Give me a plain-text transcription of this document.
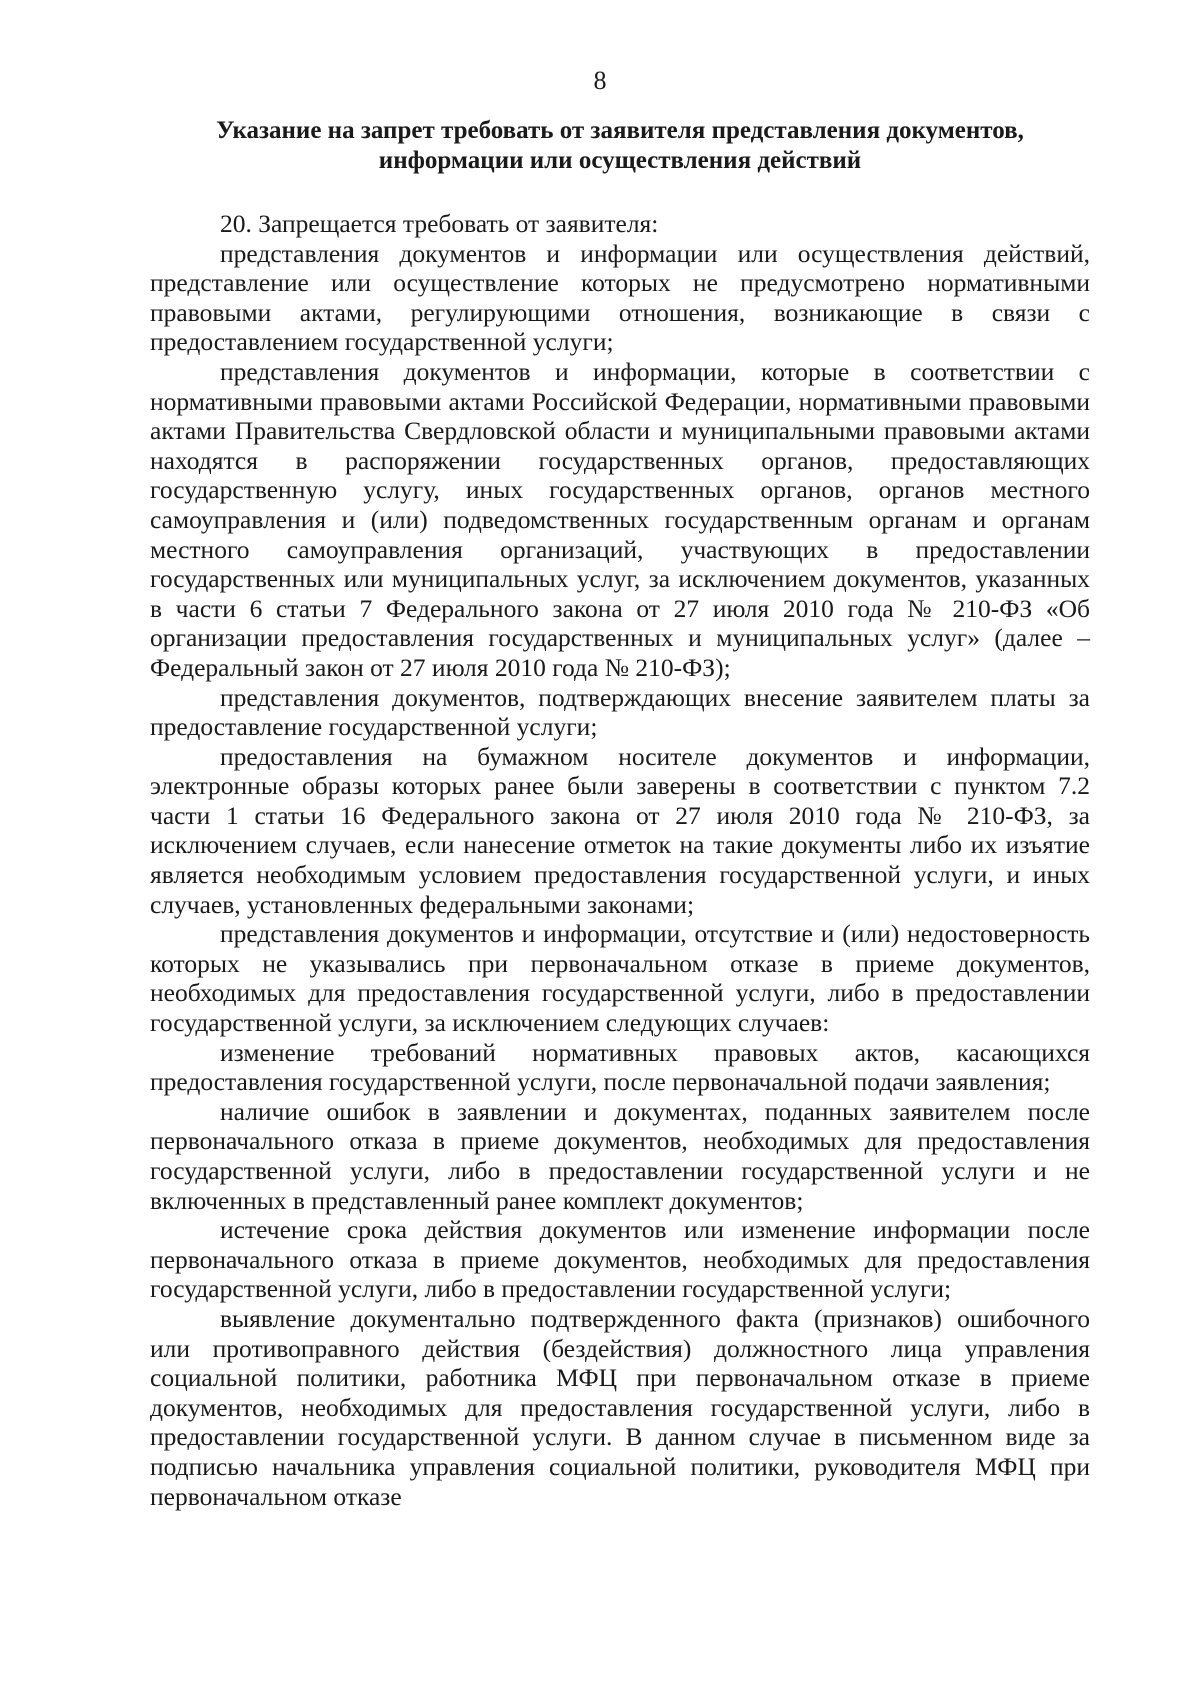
8
Указание на запрет требовать от заявителя представления документов,
информации или осуществления действий

20. Запрещается требовать от заявителя:

представления документов и информации или осуществления действий, представление или осуществление которых не предусмотрено нормативными правовыми актами, регулирующими отношения, возникающие в связи с предоставлением государственной услуги;

представления документов и информации, которые в соответствии с нормативными правовыми актами Российской Федерации, нормативными правовыми актами Правительства Свердловской области и муниципальными правовыми актами находятся в распоряжении государственных органов, предоставляющих государственную услугу, иных государственных органов, органов местного самоуправления и (или) подведомственных государственным органам и органам местного самоуправления организаций, участвующих в предоставлении государственных или муниципальных услуг, за исключением документов, указанных в части 6 статьи 7 Федерального закона от 27 июля 2010 года № 210-ФЗ «Об организации предоставления государственных и муниципальных услуг» (далее – Федеральный закон от 27 июля 2010 года № 210-ФЗ);

представления документов, подтверждающих внесение заявителем платы за предоставление государственной услуги;

предоставления на бумажном носителе документов и информации, электронные образы которых ранее были заверены в соответствии с пунктом 7.2 части 1 статьи 16 Федерального закона от 27 июля 2010 года № 210-ФЗ, за исключением случаев, если нанесение отметок на такие документы либо их изъятие является необходимым условием предоставления государственной услуги, и иных случаев, установленных федеральными законами;

представления документов и информации, отсутствие и (или) недостоверность которых не указывались при первоначальном отказе в приеме документов, необходимых для предоставления государственной услуги, либо в предоставлении государственной услуги, за исключением следующих случаев:

изменение требований нормативных правовых актов, касающихся предоставления государственной услуги, после первоначальной подачи заявления;

наличие ошибок в заявлении и документах, поданных заявителем после первоначального отказа в приеме документов, необходимых для предоставления государственной услуги, либо в предоставлении государственной услуги и не включенных в представленный ранее комплект документов;

истечение срока действия документов или изменение информации после первоначального отказа в приеме документов, необходимых для предоставления государственной услуги, либо в предоставлении государственной услуги;

выявление документально подтвержденного факта (признаков) ошибочного или противоправного действия (бездействия) должностного лица управления социальной политики, работника МФЦ при первоначальном отказе в приеме документов, необходимых для предоставления государственной услуги, либо в предоставлении государственной услуги. В данном случае в письменном виде за подписью начальника управления социальной политики, руководителя МФЦ при первоначальном отказе
